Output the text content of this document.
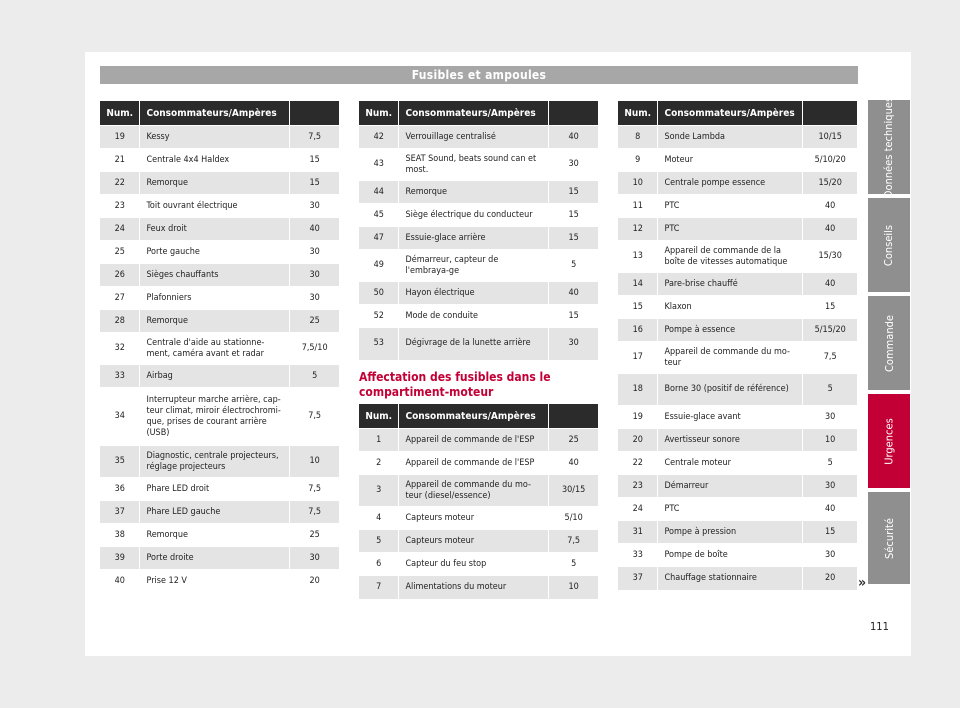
Fusibles et ampoules
Num.	Consommateurs/Ampères	
19	Kessy	7,5
21	Centrale 4x4 Haldex	15
22	Remorque	15
23	Toit ouvrant électrique	30
24	Feux droit	40
25	Porte gauche	30
26	Sièges chauffants	30
27	Plafonniers	30
28	Remorque	25
32	Centrale d'aide au stationne-ment, caméra avant et radar	7,5/10
33	Airbag	5
34	Interrupteur marche arrière, cap-teur climat, miroir électrochromi-que, prises de courant arrière (USB)	7,5
35	Diagnostic, centrale projecteurs, réglage projecteurs	10
36	Phare LED droit	7,5
37	Phare LED gauche	7,5
38	Remorque	25
39	Porte droite	30
40	Prise 12 V	20
Num.	Consommateurs/Ampères	
42	Verrouillage centralisé	40
43	SEAT Sound, beats sound can et most.	30
44	Remorque	15
45	Siège électrique du conducteur	15
47	Essuie-glace arrière	15
49	Démarreur, capteur de l'embraya-ge	5
50	Hayon électrique	40
52	Mode de conduite	15
53	Dégivrage de la lunette arrière	30
Affectation des fusibles dans le compartiment-moteur
Num.	Consommateurs/Ampères	
1	Appareil de commande de l'ESP	25
2	Appareil de commande de l'ESP	40
3	Appareil de commande du mo-teur (diesel/essence)	30/15
4	Capteurs moteur	5/10
5	Capteurs moteur	7,5
6	Capteur du feu stop	5
7	Alimentations du moteur	10
Num.	Consommateurs/Ampères	
8	Sonde Lambda	10/15
9	Moteur	5/10/20
10	Centrale pompe essence	15/20
11	PTC	40
12	PTC	40
13	Appareil de commande de la boîte de vitesses automatique	15/30
14	Pare-brise chauffé	40
15	Klaxon	15
16	Pompe à essence	5/15/20
17	Appareil de commande du mo-teur	7,5
18	Borne 30 (positif de référence)	5
19	Essuie-glace avant	30
20	Avertisseur sonore	10
22	Centrale moteur	5
23	Démarreur	30
24	PTC	40
31	Pompe à pression	15
33	Pompe de boîte	30
37	Chauffage stationnaire	20
Données techniques
Conseils
Commande
Urgences
Sécurité
»
111
